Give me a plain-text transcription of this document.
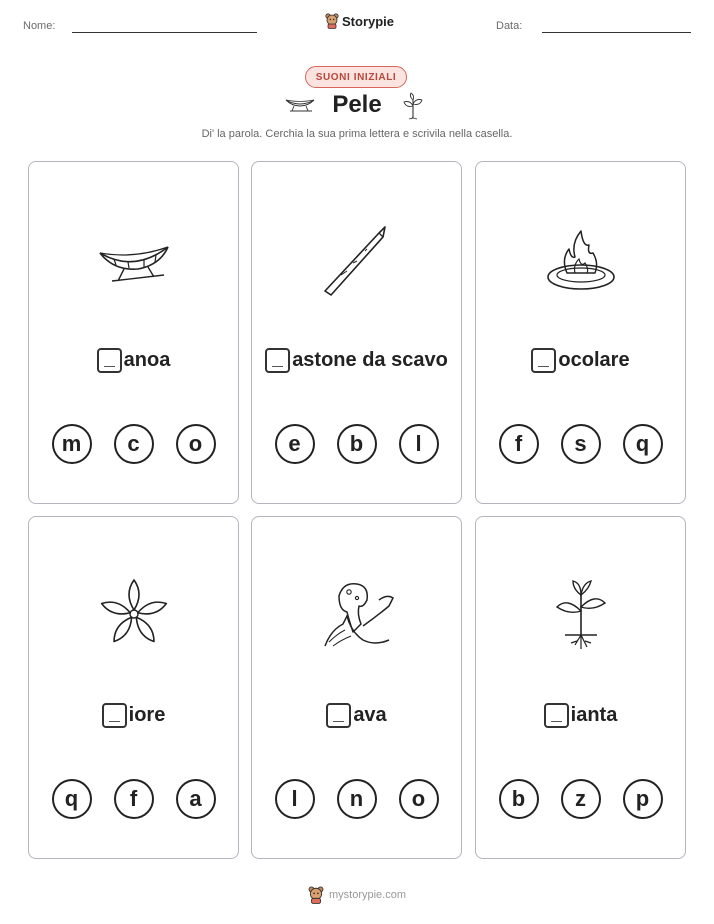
Nome:	Storypie	Data:
SUONI INIZIALI
Pele
Di' la parola. Cerchia la sua prima lettera e scrivila nella casella.
anoa
m	c	o
astone da scavo
e	b	l
ocolare
f	s	q
iore
q	f	a
ava
l	n	o
ianta
b	z	p
mystorypie.com
